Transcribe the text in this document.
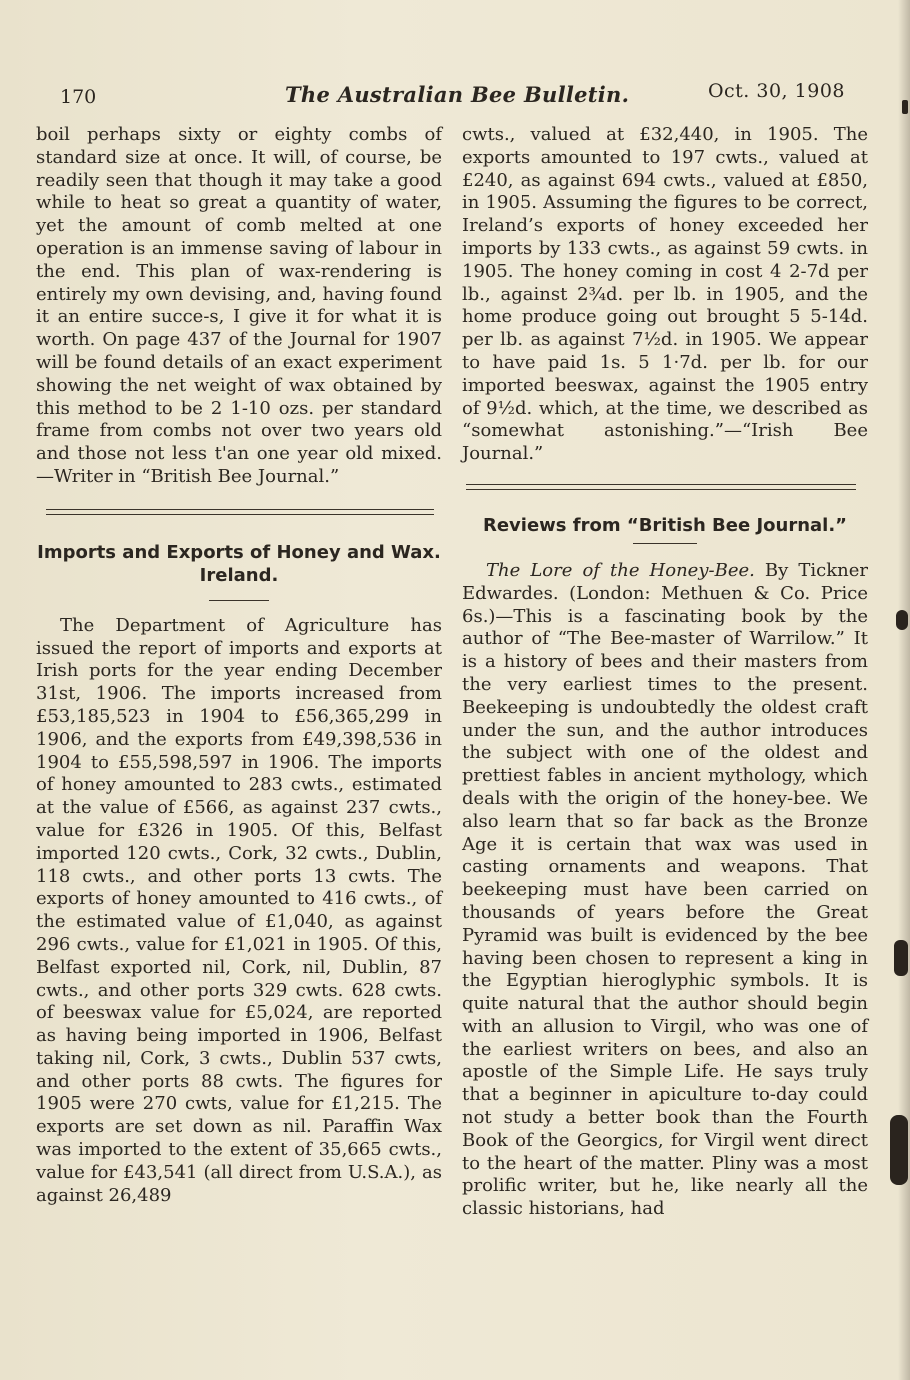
170	The Australian Bee Bulletin.	Oct. 30, 1908

boil perhaps sixty or eighty combs of standard size at once. It will, of course, be readily seen that though it may take a good while to heat so great a quantity of water, yet the amount of comb melted at one operation is an immense saving of labour in the end. This plan of wax-rendering is entirely my own devising, and, having found it an entire succe-s, I give it for what it is worth. On page 437 of the Journal for 1907 will be found details of an exact experiment showing the net weight of wax obtained by this method to be 2 1-10 ozs. per standard frame from combs not over two years old and those not less t'an one year old mixed.—Writer in “British Bee Journal.”

Imports and Exports of Honey and Wax. Ireland.

The Department of Agriculture has issued the report of imports and exports at Irish ports for the year ending December 31st, 1906. The imports increased from £53,185,523 in 1904 to £56,365,299 in 1906, and the exports from £49,398,536 in 1904 to £55,598,597 in 1906. The imports of honey amounted to 283 cwts., estimated at the value of £566, as against 237 cwts., value for £326 in 1905. Of this, Belfast imported 120 cwts., Cork, 32 cwts., Dublin, 118 cwts., and other ports 13 cwts. The exports of honey amounted to 416 cwts., of the estimated value of £1,040, as against 296 cwts., value for £1,021 in 1905. Of this, Belfast exported nil, Cork, nil, Dublin, 87 cwts., and other ports 329 cwts. 628 cwts. of beeswax value for £5,024, are reported as having being imported in 1906, Belfast taking nil, Cork, 3 cwts., Dublin 537 cwts, and other ports 88 cwts. The figures for 1905 were 270 cwts, value for £1,215. The exports are set down as nil. Paraffin Wax was imported to the extent of 35,665 cwts., value for £43,541 (all direct from U.S.A.), as against 26,489

cwts., valued at £32,440, in 1905. The exports amounted to 197 cwts., valued at £240, as against 694 cwts., valued at £850, in 1905. Assuming the figures to be correct, Ireland’s exports of honey exceeded her imports by 133 cwts., as against 59 cwts. in 1905. The honey coming in cost 4 2-7d per lb., against 2¾d. per lb. in 1905, and the home produce going out brought 5 5-14d. per lb. as against 7½d. in 1905. We appear to have paid 1s. 5 1·7d. per lb. for our imported beeswax, against the 1905 entry of 9½d. which, at the time, we described as “somewhat astonishing.”—“Irish Bee Journal.”

Reviews from “British Bee Journal.”

The Lore of the Honey-Bee. By Tickner Edwardes. (London: Methuen & Co. Price 6s.)—This is a fascinating book by the author of “The Bee-master of Warrilow.” It is a history of bees and their masters from the very earliest times to the present. Beekeeping is undoubtedly the oldest craft under the sun, and the author introduces the subject with one of the oldest and prettiest fables in ancient mythology, which deals with the origin of the honey-bee. We also learn that so far back as the Bronze Age it is certain that wax was used in casting ornaments and weapons. That beekeeping must have been carried on thousands of years before the Great Pyramid was built is evidenced by the bee having been chosen to represent a king in the Egyptian hieroglyphic symbols. It is quite natural that the author should begin with an allusion to Virgil, who was one of the earliest writers on bees, and also an apostle of the Simple Life. He says truly that a beginner in apiculture to-day could not study a better book than the Fourth Book of the Georgics, for Virgil went direct to the heart of the matter. Pliny was a most prolific writer, but he, like nearly all the classic historians, had
